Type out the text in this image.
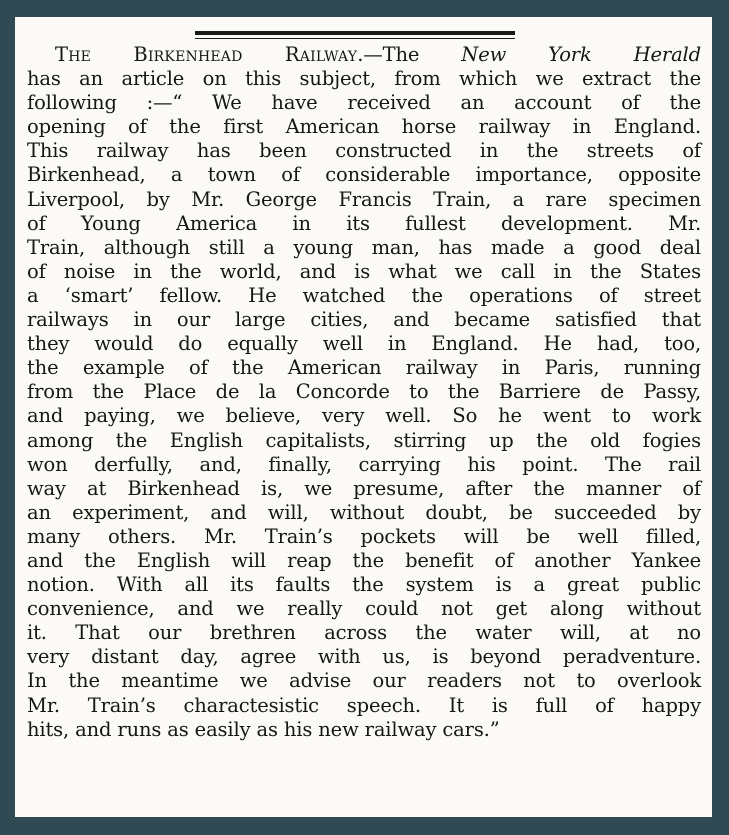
The Birkenhead Railway.—The New York Herald
has an article on this subject, from which we extract the
following :—“ We have received an account of the
opening of the first American horse railway in England.
This railway has been constructed in the streets of
Birkenhead, a town of considerable importance, opposite
Liverpool, by Mr. George Francis Train, a rare specimen
of Young America in its fullest development. Mr.
Train, although still a young man, has made a good deal
of noise in the world, and is what we call in the States
a ‘smart’ fellow. He watched the operations of street
railways in our large cities, and became satisfied that
they would do equally well in England. He had, too,
the example of the American railway in Paris, running
from the Place de la Concorde to the Barriere de Passy,
and paying, we believe, very well. So he went to work
among the English capitalists, stirring up the old fogies
won derfully, and, finally, carrying his point. The rail
way at Birkenhead is, we presume, after the manner of
an experiment, and will, without doubt, be succeeded by
many others. Mr. Train’s pockets will be well filled,
and the English will reap the benefit of another Yankee
notion. With all its faults the system is a great public
convenience, and we really could not get along without
it. That our brethren across the water will, at no
very distant day, agree with us, is beyond peradventure.
In the meantime we advise our readers not to overlook
Mr. Train’s charactesistic speech. It is full of happy
hits, and runs as easily as his new railway cars.”
